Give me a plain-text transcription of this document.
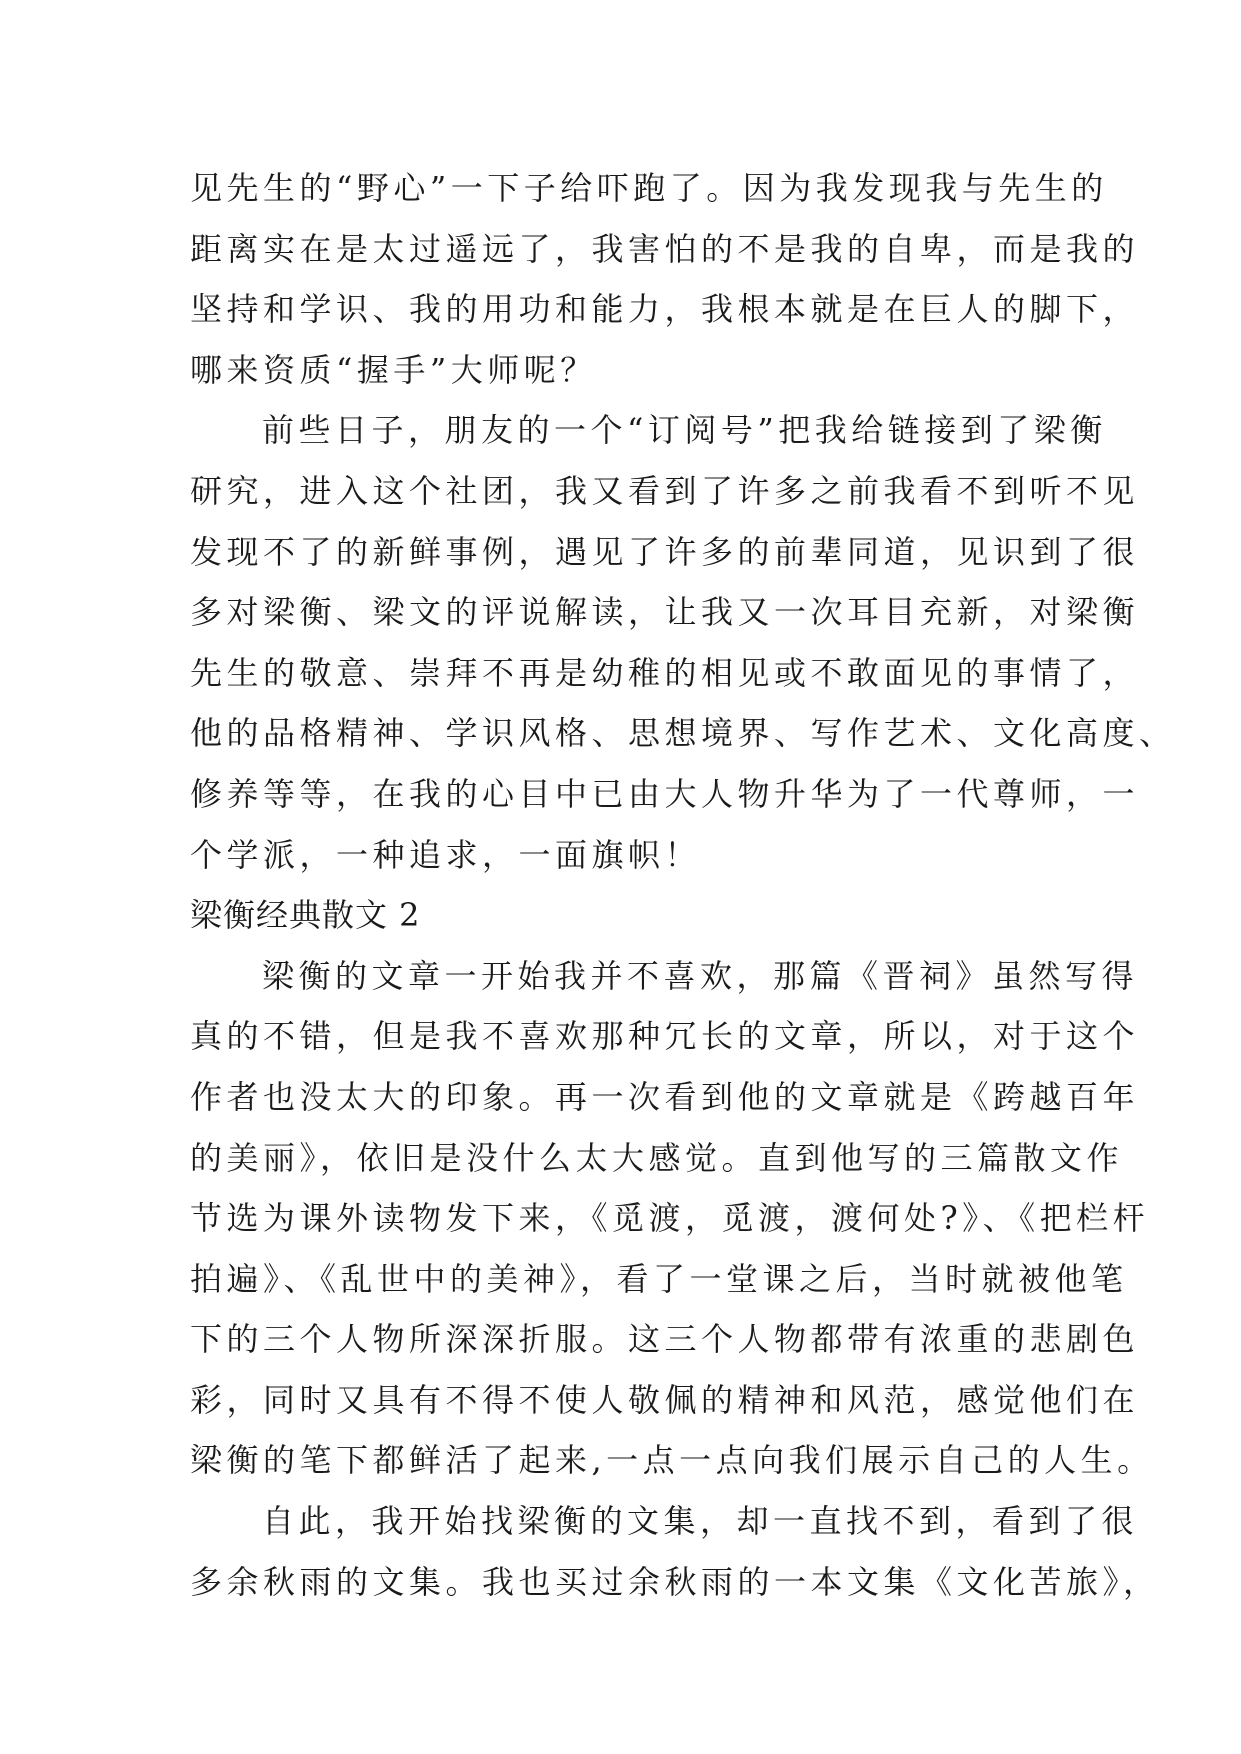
见先生的“野心”一下子给吓跑了。因为我发现我与先生的
距离实在是太过遥远了，我害怕的不是我的自卑，而是我的
坚持和学识、我的用功和能力，我根本就是在巨人的脚下，
哪来资质“握手”大师呢？
前些日子，朋友的一个“订阅号”把我给链接到了梁衡
研究，进入这个社团，我又看到了许多之前我看不到听不见
发现不了的新鲜事例，遇见了许多的前辈同道，见识到了很
多对梁衡、梁文的评说解读，让我又一次耳目充新，对梁衡
先生的敬意、崇拜不再是幼稚的相见或不敢面见的事情了，
他的品格精神、学识风格、思想境界、写作艺术、文化高度、
修养等等，在我的心目中已由大人物升华为了一代尊师，一
个学派，一种追求，一面旗帜！
梁衡经典散文 2
梁衡的文章一开始我并不喜欢，那篇《晋祠》虽然写得
真的不错，但是我不喜欢那种冗长的文章，所以，对于这个
作者也没太大的印象。再一次看到他的文章就是《跨越百年
的美丽》，依旧是没什么太大感觉。直到他写的三篇散文作
节选为课外读物发下来，《觅渡，觅渡，渡何处?》、《把栏杆
拍遍》、《乱世中的美神》，看了一堂课之后，当时就被他笔
下的三个人物所深深折服。这三个人物都带有浓重的悲剧色
彩，同时又具有不得不使人敬佩的精神和风范，感觉他们在
梁衡的笔下都鲜活了起来,一点一点向我们展示自己的人生。
自此，我开始找梁衡的文集，却一直找不到，看到了很
多余秋雨的文集。我也买过余秋雨的一本文集《文化苦旅》，
